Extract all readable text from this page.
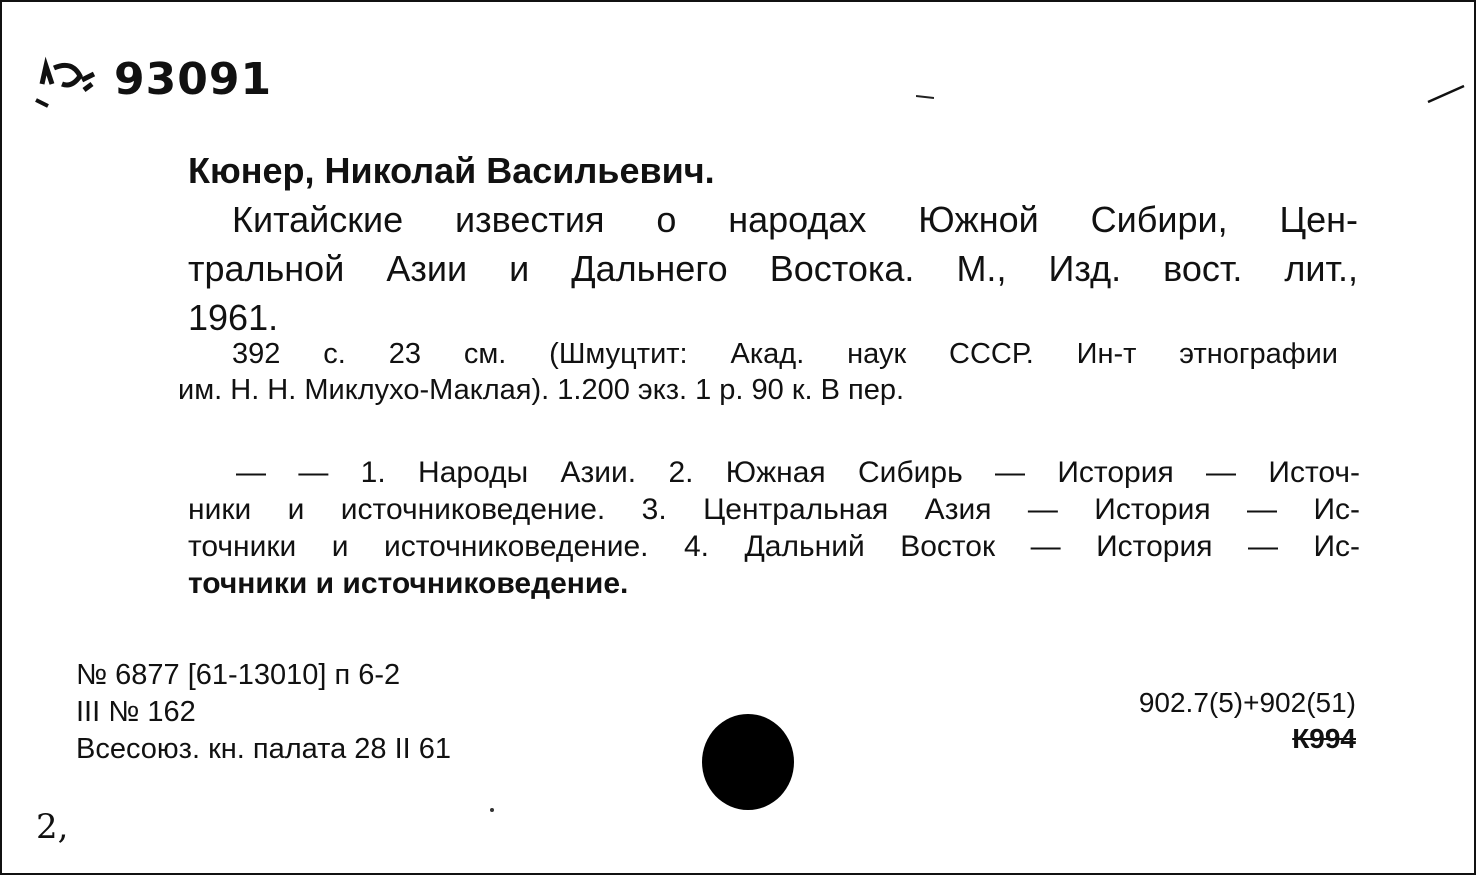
93091
Кюнер, Николай Васильевич.
Китайские известия о народах Южной Сибири, Цен-
тральной Азии и Дальнего Востока. М., Изд. вост. лит.,
1961.
392 с. 23 см. (Шмуцтит: Акад. наук СССР. Ин-т этнографии
им. Н. Н. Миклухо-Маклая). 1.200 экз. 1 р. 90 к. В пер.
— — 1. Народы Азии. 2. Южная Сибирь — История — Источ-
ники и источниковедение. 3. Центральная Азия — История — Ис-
точники и источниковедение. 4. Дальний Восток — История — Ис-
точники и источниковедение.
№ 6877 [61-13010] п 6-2
III № 162
Всесоюз. кн. палата 28 II 61
902.7(5)+902(51)
К994
2,
